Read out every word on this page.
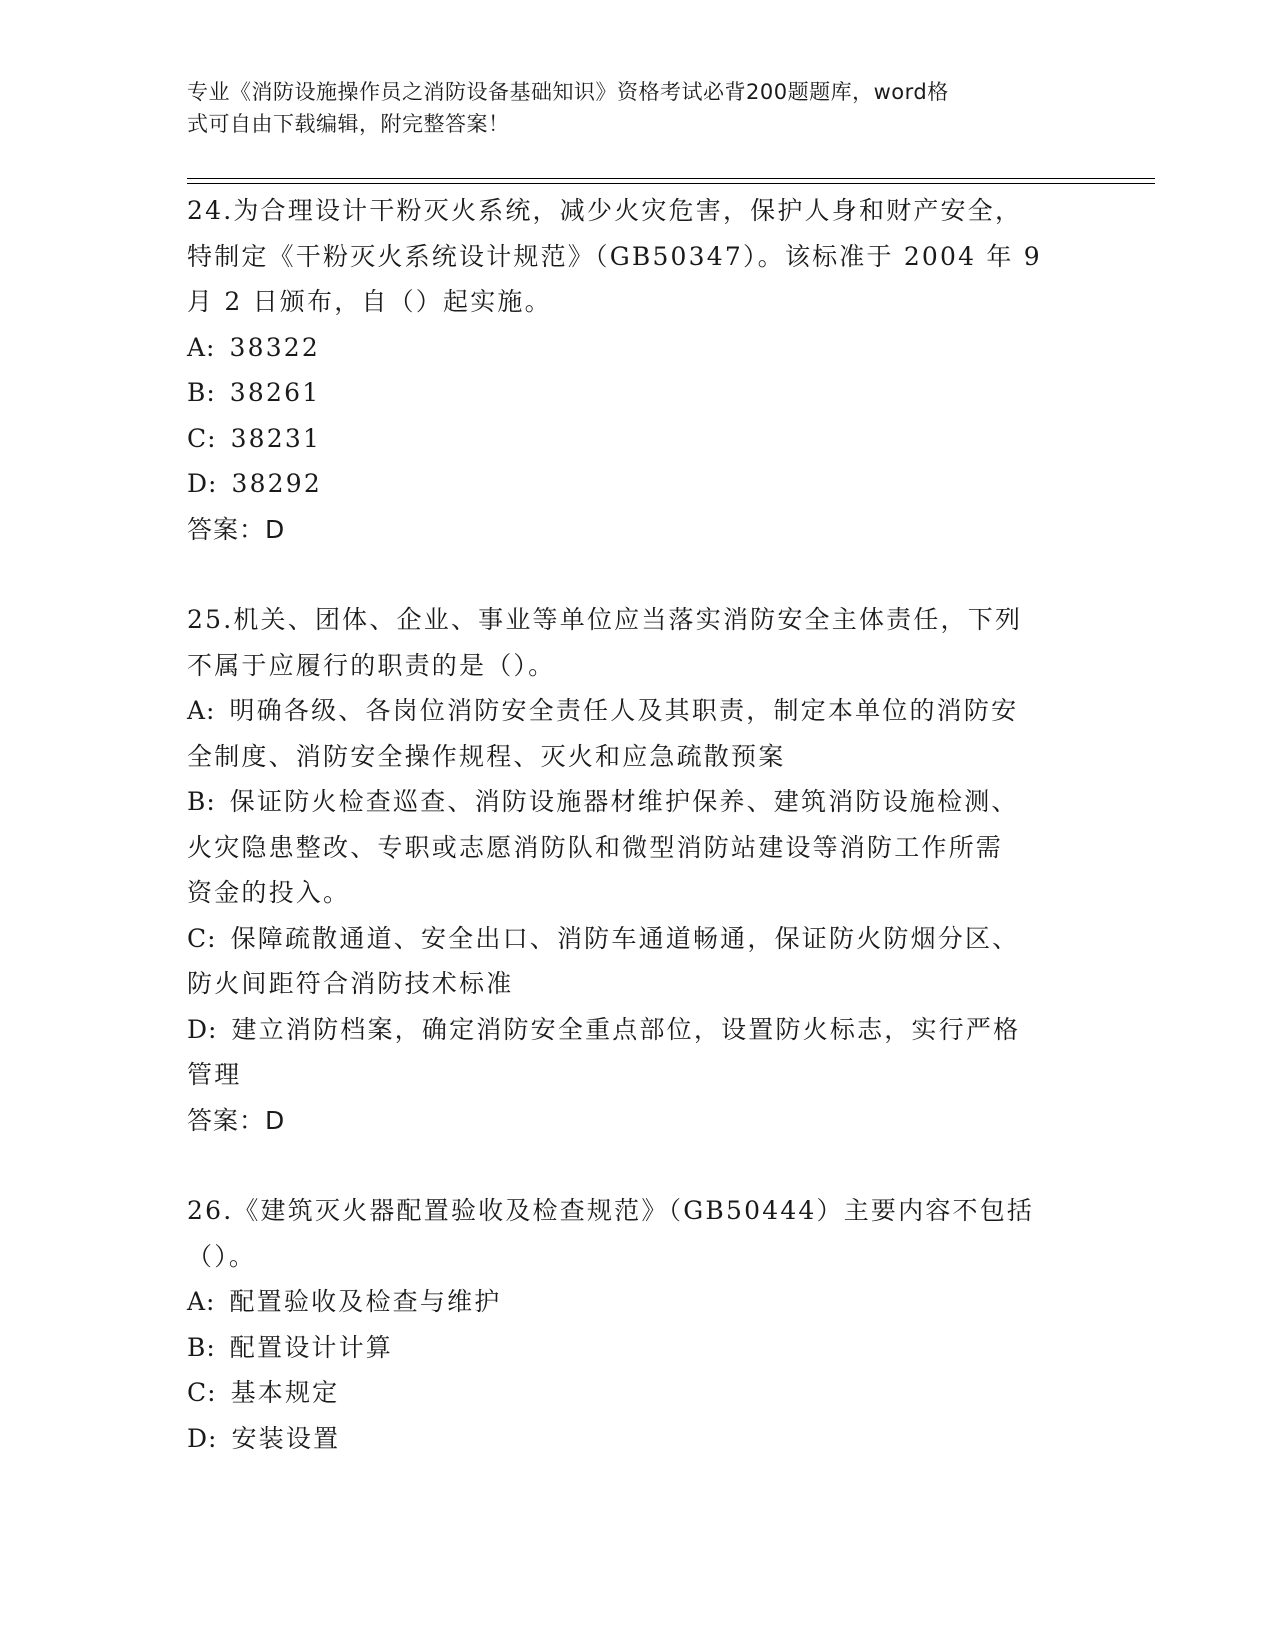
专业《消防设施操作员之消防设备基础知识》资格考试必背200题题库，word格
式可自由下载编辑，附完整答案！
24.为合理设计干粉灭火系统，减少火灾危害，保护人身和财产安全，
特制定《干粉灭火系统设计规范》（GB50347）。该标准于 2004 年 9
月 2 日颁布，自（）起实施。
A: 38322
B: 38261
C: 38231
D: 38292
答案：D
25.机关、团体、企业、事业等单位应当落实消防安全主体责任，下列
不属于应履行的职责的是（）。
A: 明确各级、各岗位消防安全责任人及其职责，制定本单位的消防安
全制度、消防安全操作规程、灭火和应急疏散预案
B: 保证防火检查巡查、消防设施器材维护保养、建筑消防设施检测、
火灾隐患整改、专职或志愿消防队和微型消防站建设等消防工作所需
资金的投入。
C: 保障疏散通道、安全出口、消防车通道畅通，保证防火防烟分区、
防火间距符合消防技术标准
D: 建立消防档案，确定消防安全重点部位，设置防火标志，实行严格
管理
答案：D
26.《建筑灭火器配置验收及检查规范》（GB50444）主要内容不包括
（）。
A: 配置验收及检查与维护
B: 配置设计计算
C: 基本规定
D: 安装设置
